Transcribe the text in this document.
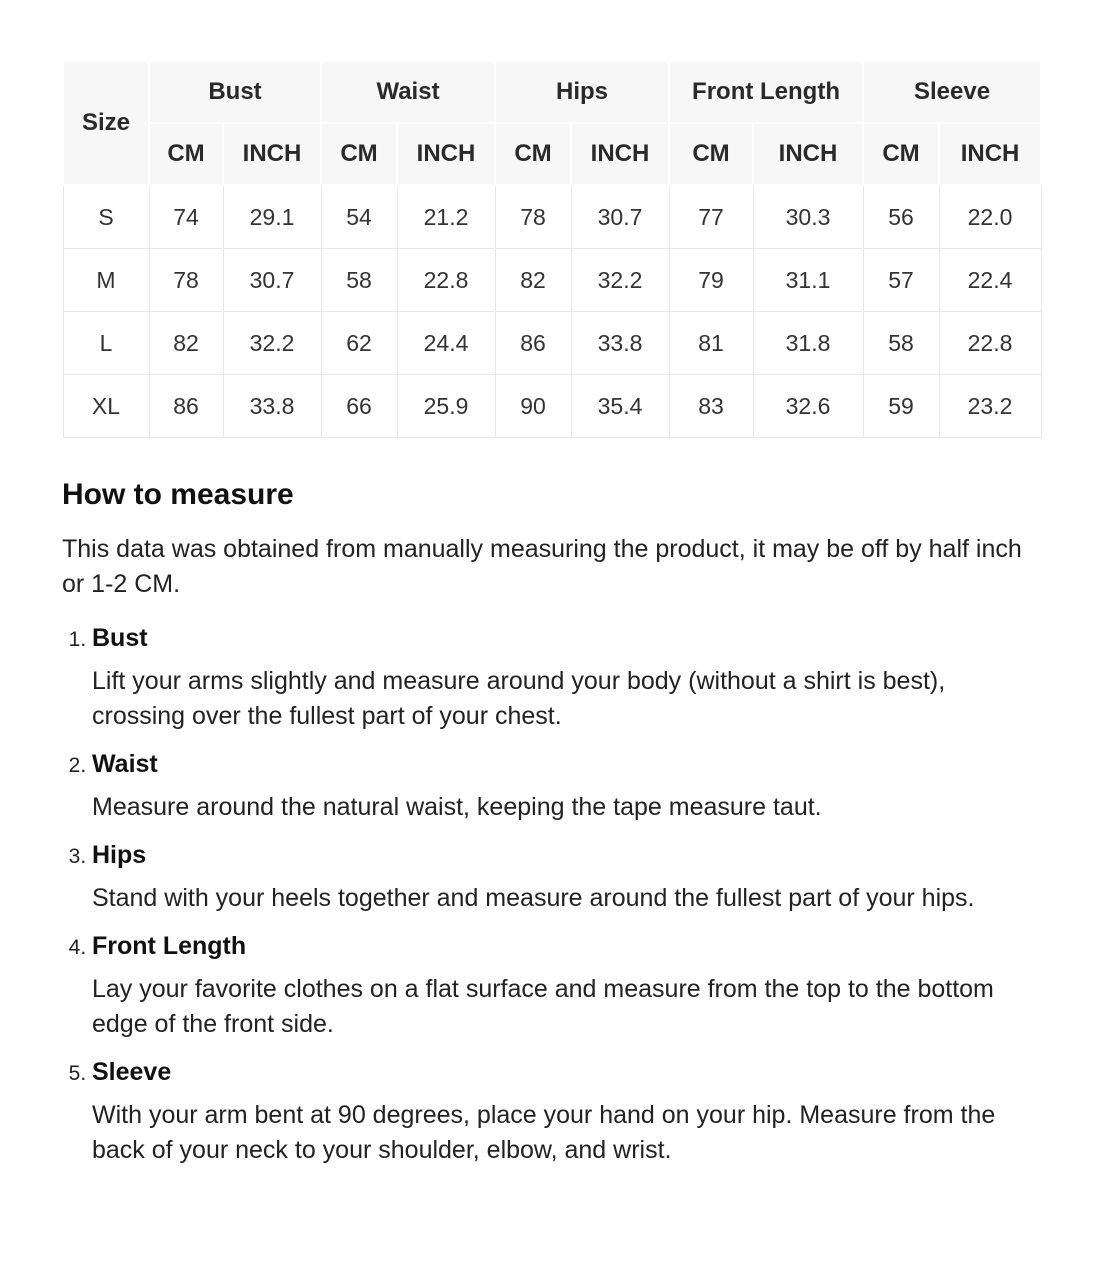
Size	Bust		Waist		Hips		Front Length		Sleeve	
	CM	INCH	CM	INCH	CM	INCH	CM	INCH	CM	INCH
S	74	29.1	54	21.2	78	30.7	77	30.3	56	22.0
M	78	30.7	58	22.8	82	32.2	79	31.1	57	22.4
L	82	32.2	62	24.4	86	33.8	81	31.8	58	22.8
XL	86	33.8	66	25.9	90	35.4	83	32.6	59	23.2
How to measure

This data was obtained from manually measuring the product, it may be off by half inch or 1-2 CM.

1. Bust

Lift your arms slightly and measure around your body (without a shirt is best), crossing over the fullest part of your chest.

2. Waist

Measure around the natural waist, keeping the tape measure taut.

3. Hips

Stand with your heels together and measure around the fullest part of your hips.

4. Front Length

Lay your favorite clothes on a flat surface and measure from the top to the bottom edge of the front side.

5. Sleeve

With your arm bent at 90 degrees, place your hand on your hip. Measure from the back of your neck to your shoulder, elbow, and wrist.
